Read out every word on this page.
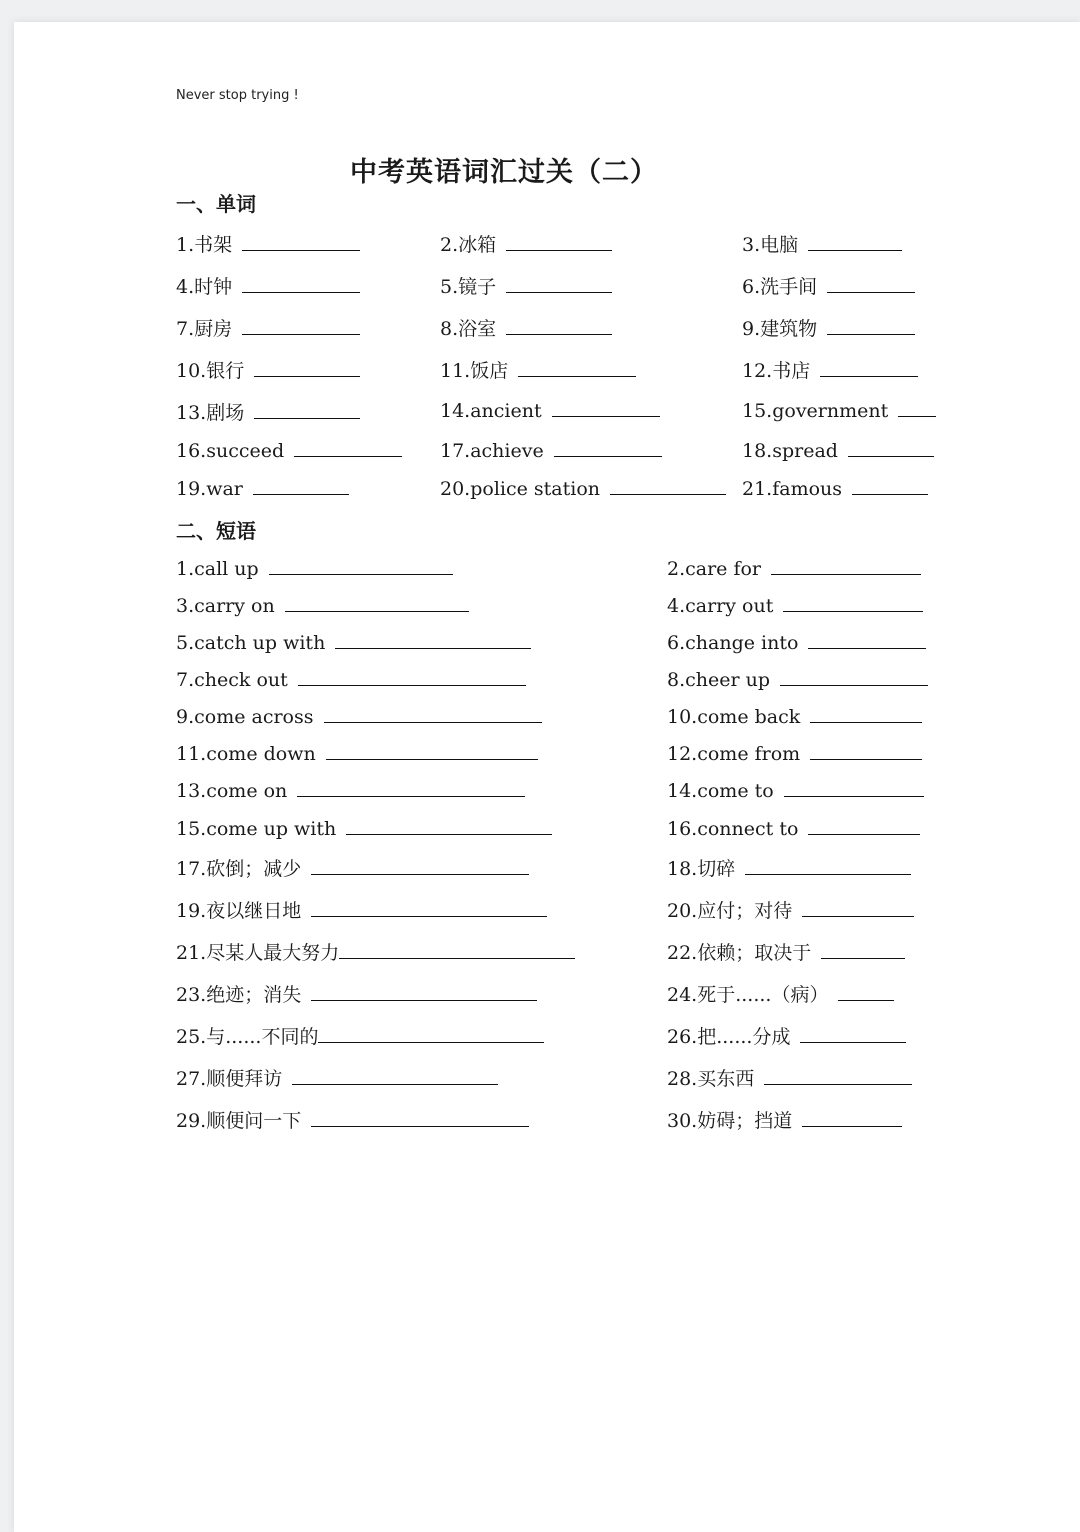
Never stop trying !
中考英语词汇过关（二）
一、单词
二、短语
1.书架	2.冰箱	3.电脑
4.时钟	5.镜子	6.洗手间
7.厨房	8.浴室	9.建筑物
10.银行	11.饭店	12.书店
13.剧场	14.ancient	15.government
16.succeed	17.achieve	18.spread
19.war	20.police station	21.famous
1.call up	2.care for
3.carry on	4.carry out
5.catch up with	6.change into
7.check out	8.cheer up
9.come across	10.come back
11.come down	12.come from
13.come on	14.come to
15.come up with	16.connect to
17.砍倒；减少	18.切碎
19.夜以继日地	20.应付；对待
21.尽某人最大努力	22.依赖；取决于
23.绝迹；消失	24.死于......（病）
25.与......不同的	26.把......分成
27.顺便拜访	28.买东西
29.顺便问一下	30.妨碍；挡道
